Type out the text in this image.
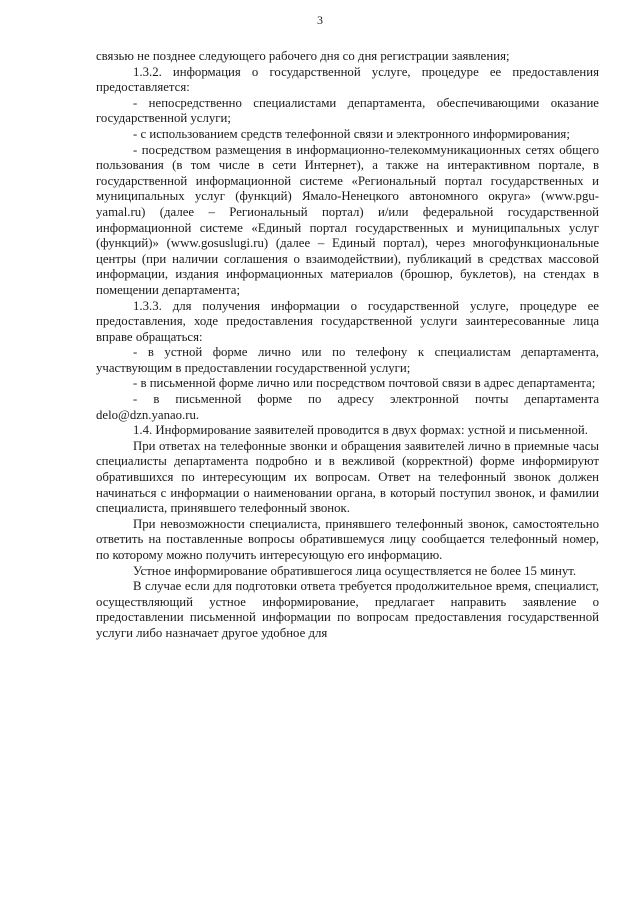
3

связью не позднее следующего рабочего дня со дня регистрации заявления;

1.3.2. информация о государственной услуге, процедуре ее предоставления предоставляется:

- непосредственно специалистами департамента, обеспечивающими оказание государственной услуги;

- с использованием средств телефонной связи и электронного информирования;

- посредством размещения в информационно-телекоммуникационных сетях общего пользования (в том числе в сети Интернет), а также на интерактивном портале, в государственной информационной системе «Региональный портал государственных и муниципальных услуг (функций) Ямало-Ненецкого автономного округа» (www.pgu-yamal.ru) (далее – Региональный портал) и/или федеральной государственной информационной системе «Единый портал государственных и муниципальных услуг (функций)» (www.gosuslugi.ru) (далее – Единый портал), через многофункциональные центры (при наличии соглашения о взаимодействии), публикаций в средствах массовой информации, издания информационных материалов (брошюр, буклетов), на стендах в помещении департамента;

1.3.3. для получения информации о государственной услуге, процедуре ее предоставления, ходе предоставления государственной услуги заинтересованные лица вправе обращаться:

- в устной форме лично или по телефону к специалистам департамента, участвующим в предоставлении государственной услуги;

- в письменной форме лично или посредством почтовой связи в адрес департамента;

- в письменной форме по адресу электронной почты департамента delo@dzn.yanao.ru.

1.4. Информирование заявителей проводится в двух формах: устной и письменной.

При ответах на телефонные звонки и обращения заявителей лично в приемные часы специалисты департамента подробно и в вежливой (корректной) форме информируют обратившихся по интересующим их вопросам. Ответ на телефонный звонок должен начинаться с информации о наименовании органа, в который поступил звонок, и фамилии специалиста, принявшего телефонный звонок.

При невозможности специалиста, принявшего телефонный звонок, самостоятельно ответить на поставленные вопросы обратившемуся лицу сообщается телефонный номер, по которому можно получить интересующую его информацию.

Устное информирование обратившегося лица осуществляется не более 15 минут.

В случае если для подготовки ответа требуется продолжительное время, специалист, осуществляющий устное информирование, предлагает направить заявление о предоставлении письменной информации по вопросам предоставления государственной услуги либо назначает другое удобное для
